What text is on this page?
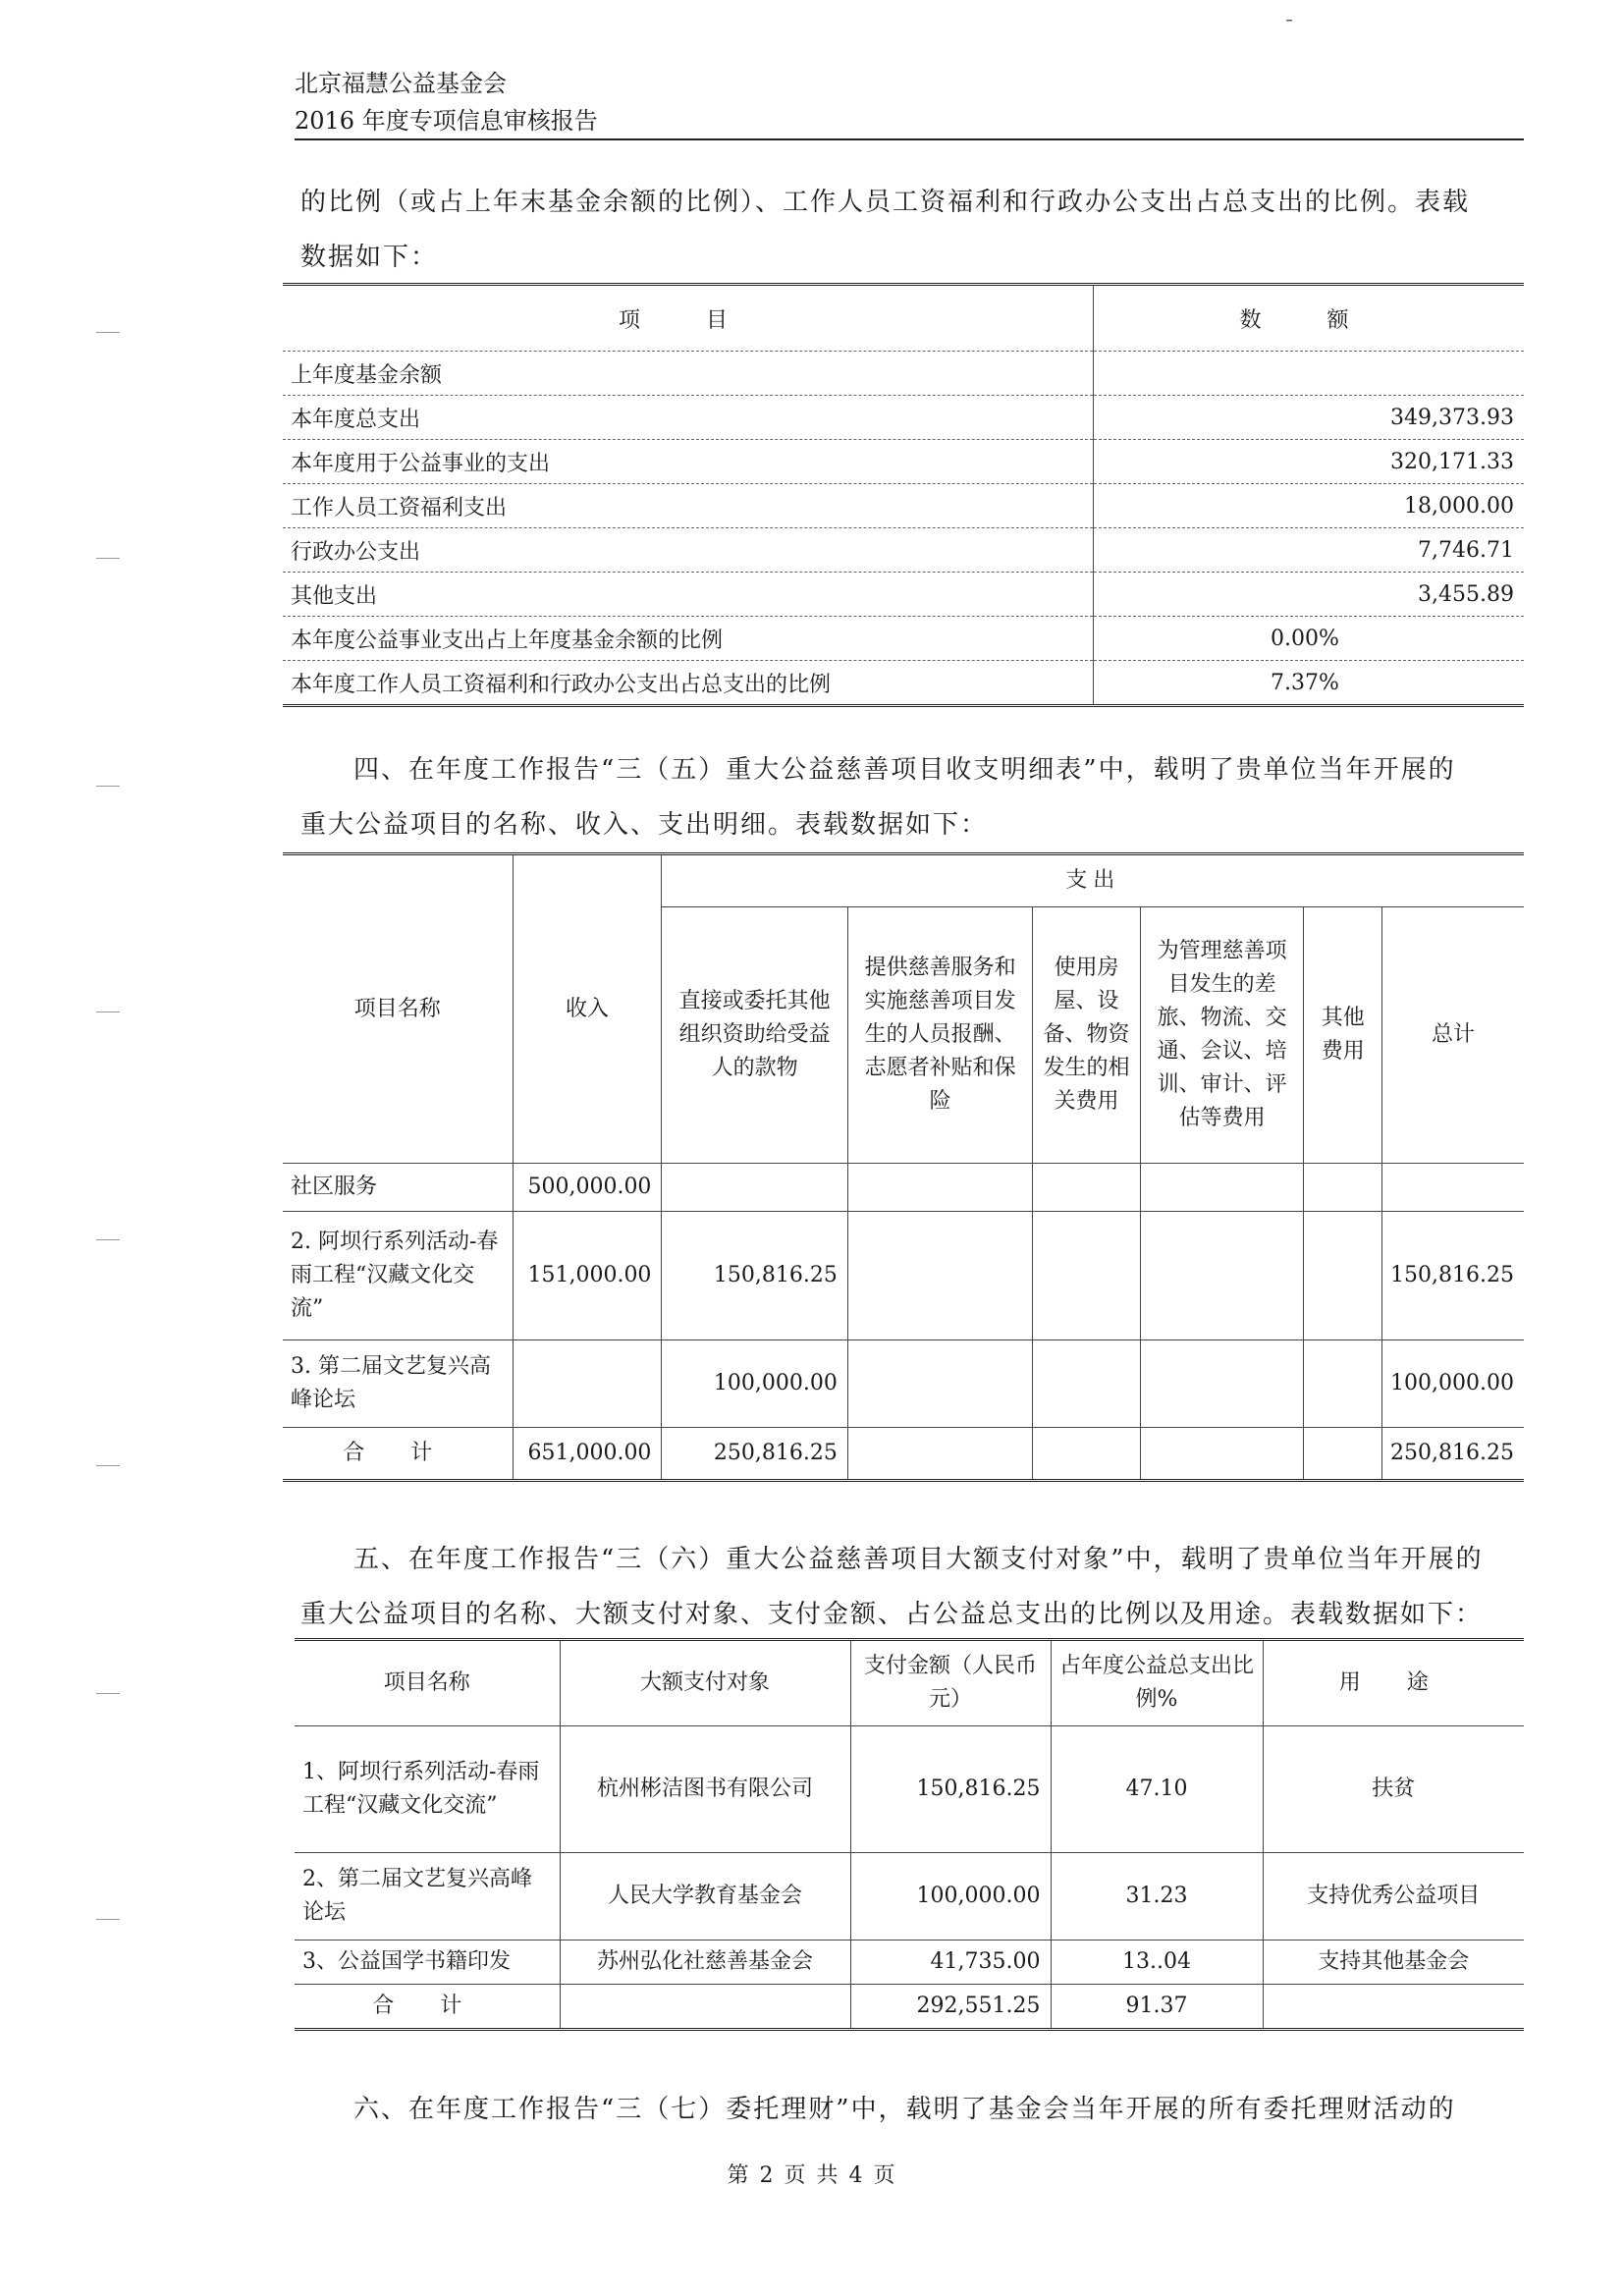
北京福慧公益基金会
2016 年度专项信息审核报告
的比例（或占上年末基金余额的比例）、工作人员工资福利和行政办公支出占总支出的比例。表载
数据如下：
项 目	数 额
上年度基金余额	
本年度总支出	349,373.93
本年度用于公益事业的支出	320,171.33
工作人员工资福利支出	18,000.00
行政办公支出	7,746.71
其他支出	3,455.89
本年度公益事业支出占上年度基金余额的比例	0.00%
本年度工作人员工资福利和行政办公支出占总支出的比例	7.37%
四、在年度工作报告“三（五）重大公益慈善项目收支明细表”中，载明了贵单位当年开展的
重大公益项目的名称、收入、支出明细。表载数据如下：
项目名称	收入	支出					
		直接或委托其他组织资助给受益人的款物	提供慈善服务和实施慈善项目发生的人员报酬、志愿者补贴和保险	使用房屋、设备、物资发生的相关费用	为管理慈善项目发生的差旅、物流、交通、会议、培训、审计、评估等费用	其他费用	总计
社区服务	500,000.00						
2. 阿坝行系列活动-春雨工程“汉藏文化交流”	151,000.00	150,816.25					150,816.25
3. 第二届文艺复兴高峰论坛		100,000.00					100,000.00
合 计	651,000.00	250,816.25					250,816.25
五、在年度工作报告“三（六）重大公益慈善项目大额支付对象”中，载明了贵单位当年开展的
重大公益项目的名称、大额支付对象、支付金额、占公益总支出的比例以及用途。表载数据如下：
项目名称	大额支付对象	支付金额（人民币元）	占年度公益总支出比例%	用 途
1、阿坝行系列活动-春雨工程“汉藏文化交流”	杭州彬洁图书有限公司	150,816.25	47.10	扶贫
2、第二届文艺复兴高峰论坛	人民大学教育基金会	100,000.00	31.23	支持优秀公益项目
3、公益国学书籍印发	苏州弘化社慈善基金会	41,735.00	13..04	支持其他基金会
合 计		292,551.25	91.37	
六、在年度工作报告“三（七）委托理财”中，载明了基金会当年开展的所有委托理财活动的
第 2 页 共 4 页
ˉ
